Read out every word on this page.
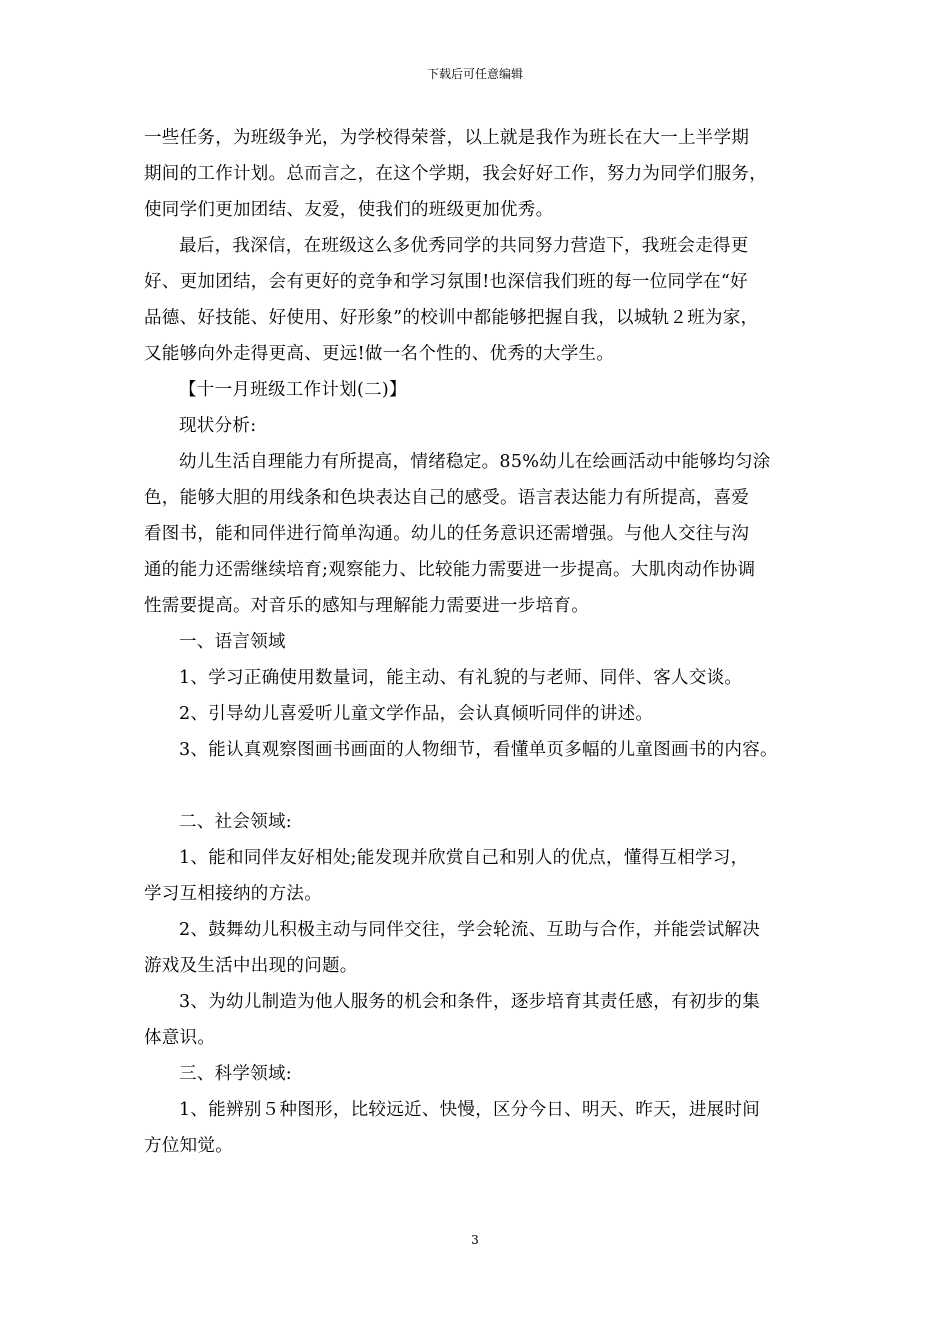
下载后可任意编辑

一些任务，为班级争光，为学校得荣誉，以上就是我作为班长在大一上半学期

期间的工作计划。总而言之，在这个学期，我会好好工作，努力为同学们服务，

使同学们更加团结、友爱，使我们的班级更加优秀。

最后，我深信，在班级这么多优秀同学的共同努力营造下，我班会走得更

好、更加团结，会有更好的竞争和学习氛围!也深信我们班的每一位同学在“好

品德、好技能、好使用、好形象”的校训中都能够把握自我，以城轨２班为家，

又能够向外走得更高、更远!做一名个性的、优秀的大学生。

【十一月班级工作计划(二)】

现状分析:

幼儿生活自理能力有所提高，情绪稳定。85%幼儿在绘画活动中能够均匀涂

色，能够大胆的用线条和色块表达自己的感受。语言表达能力有所提高，喜爱

看图书，能和同伴进行简单沟通。幼儿的任务意识还需增强。与他人交往与沟

通的能力还需继续培育;观察能力、比较能力需要进一步提高。大肌肉动作协调

性需要提高。对音乐的感知与理解能力需要进一步培育。

一、语言领域

1、学习正确使用数量词，能主动、有礼貌的与老师、同伴、客人交谈。

2、引导幼儿喜爱听儿童文学作品，会认真倾听同伴的讲述。

3、能认真观察图画书画面的人物细节，看懂单页多幅的儿童图画书的内容。

二、社会领域:

1、能和同伴友好相处;能发现并欣赏自己和别人的优点，懂得互相学习，

学习互相接纳的方法。

2、鼓舞幼儿积极主动与同伴交往，学会轮流、互助与合作，并能尝试解决

游戏及生活中出现的问题。

3、为幼儿制造为他人服务的机会和条件，逐步培育其责任感，有初步的集

体意识。

三、科学领域:

1、能辨别５种图形，比较远近、快慢，区分今日、明天、昨天，进展时间

方位知觉。

3
